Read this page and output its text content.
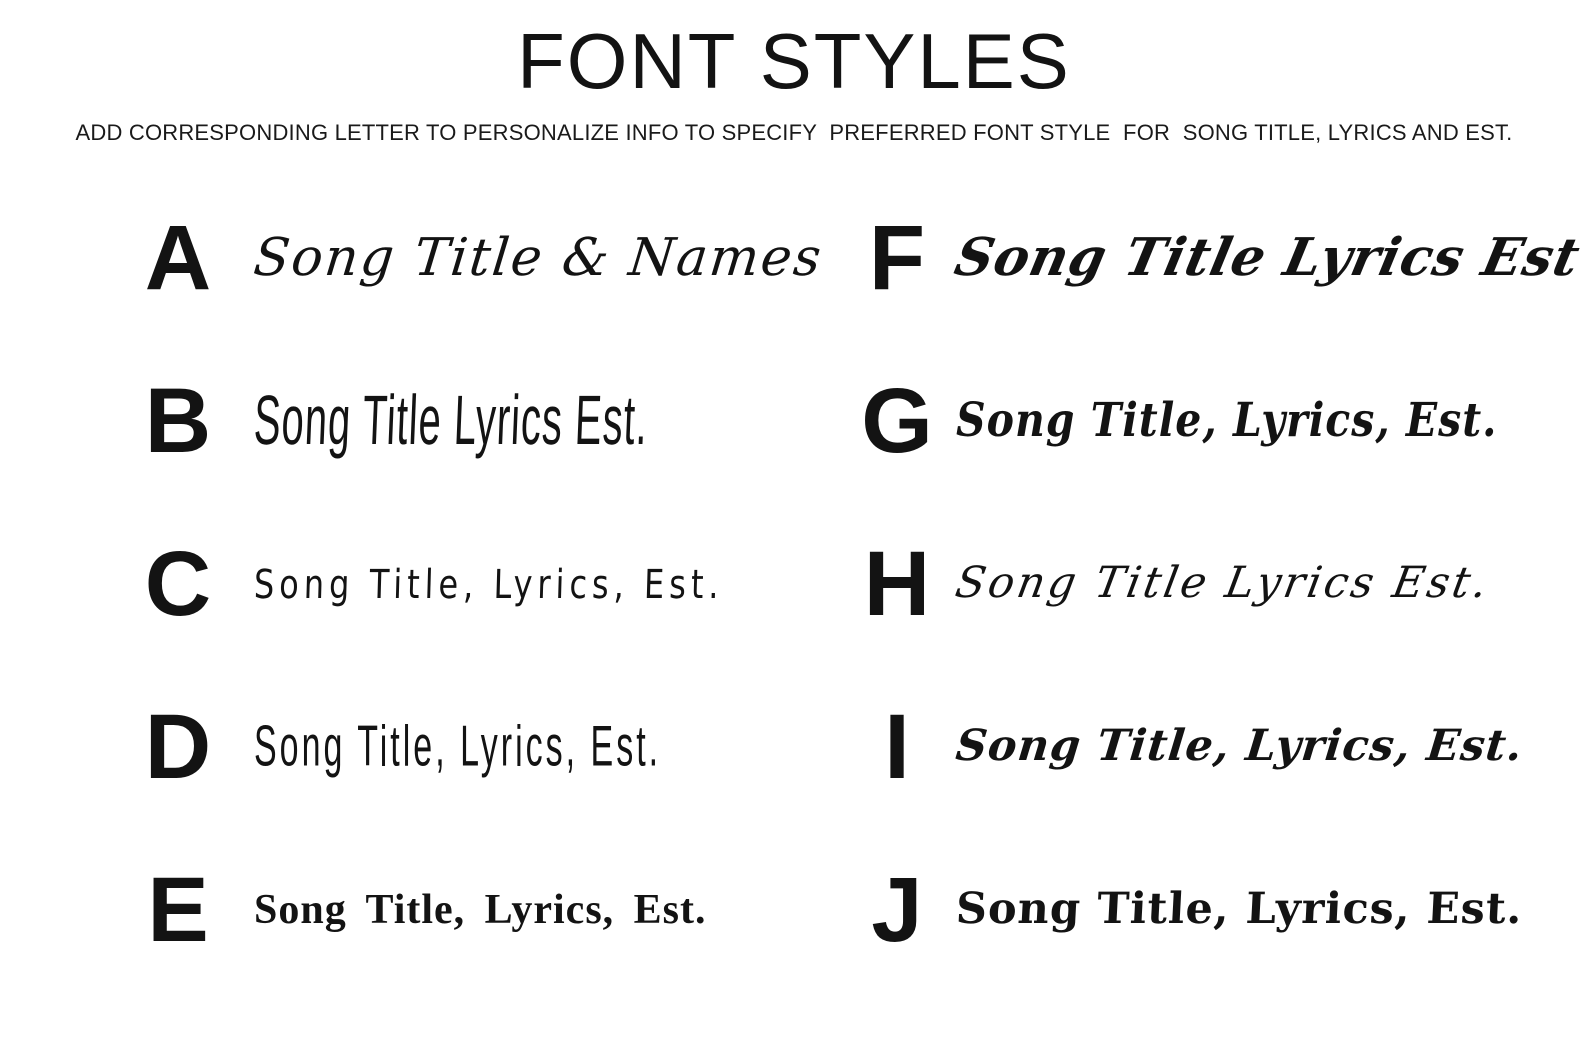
FONT STYLES

ADD CORRESPONDING LETTER TO PERSONALIZE INFO TO SPECIFY  PREFERRED FONT STYLE  FOR  SONG TITLE, LYRICS AND EST.

A Song Title & Names
B	Song Title Lyrics Est.
C	Song Title, Lyrics, Est.
D	Song Title, Lyrics, Est.
E	Song Title, Lyrics, Est.
F Song Title Lyrics Est
G Song Title, Lyrics, Est.
H Song Title Lyrics Est.
I	Song Title, Lyrics, Est.
J Song Title, Lyrics, Est.
